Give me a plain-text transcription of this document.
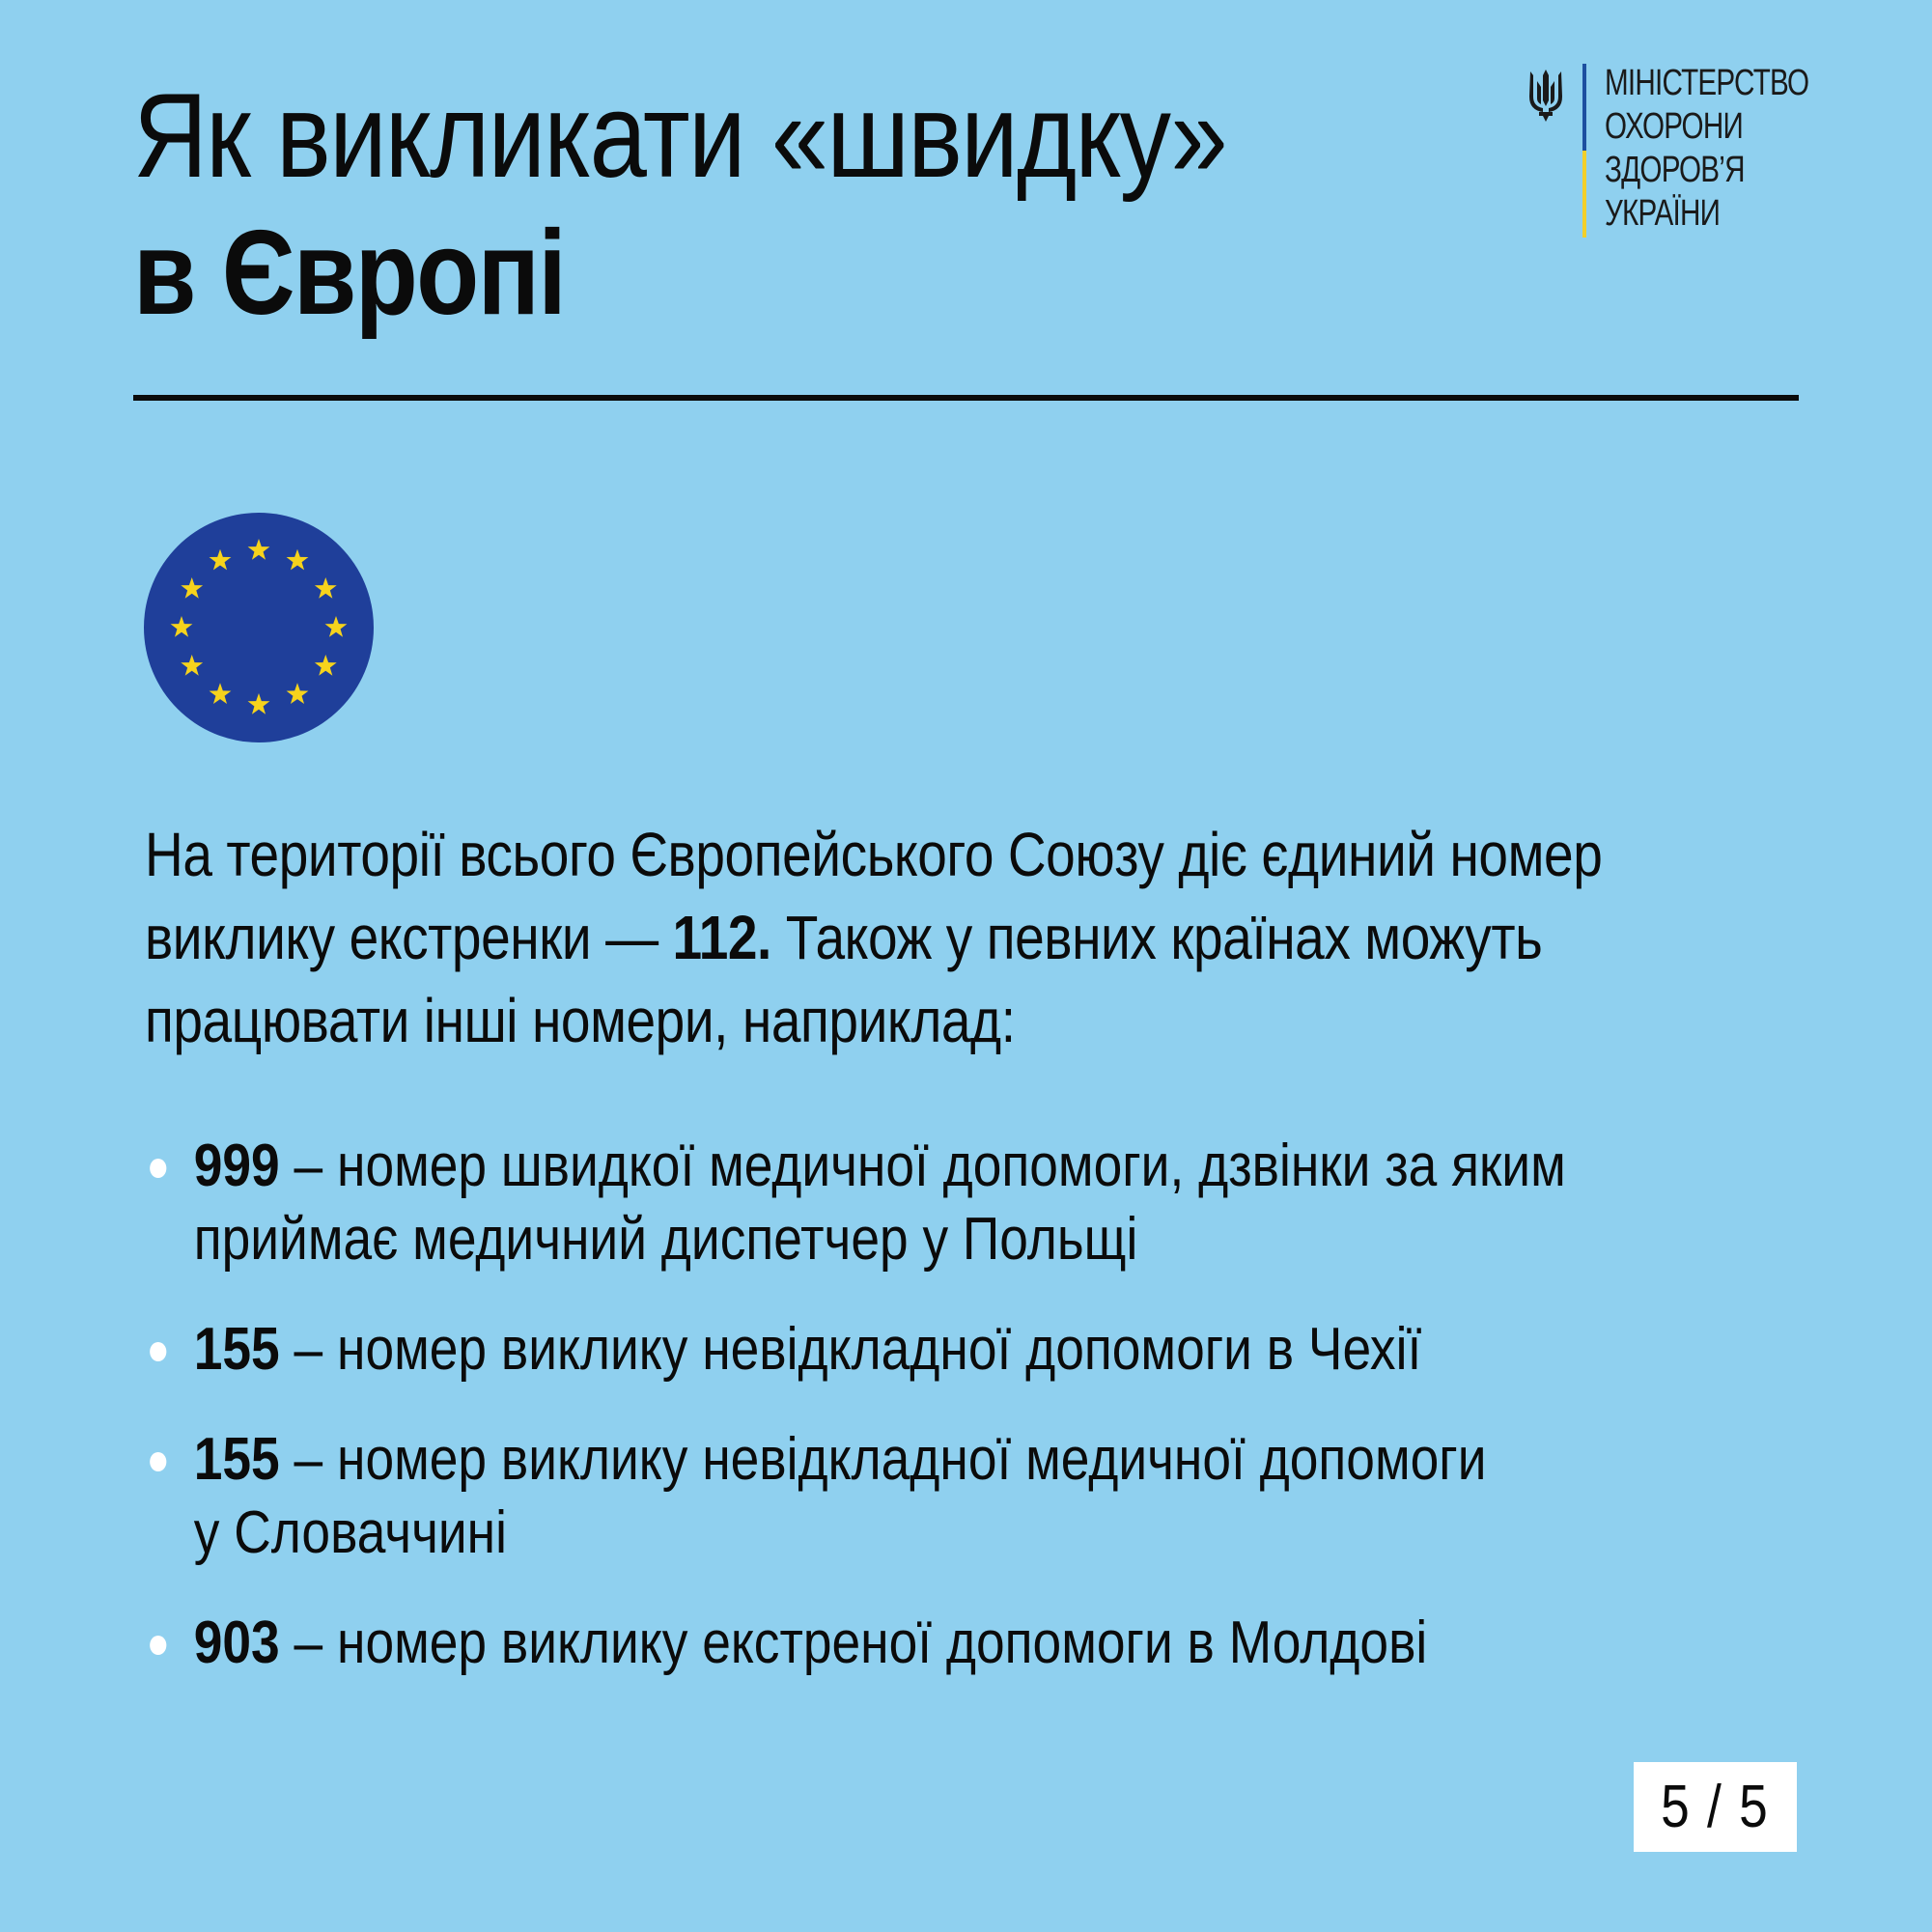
Як викликати «швидку»
в Європі
МІНІСТЕРСТВО
ОХОРОНИ
ЗДОРОВ’Я
УКРАЇНИ
На території всього Європейського Союзу діє єдиний номер
виклику екстренки — 112. Також у певних країнах можуть
працювати інші номери, наприклад:
999 – номер швидкої медичної допомоги, дзвінки за яким
приймає медичний диспетчер у Польщі
155 – номер виклику невідкладної допомоги в Чехії
155 – номер виклику невідкладної медичної допомоги
у Словаччині
903 – номер виклику екстреної допомоги в Молдові
5 / 5
